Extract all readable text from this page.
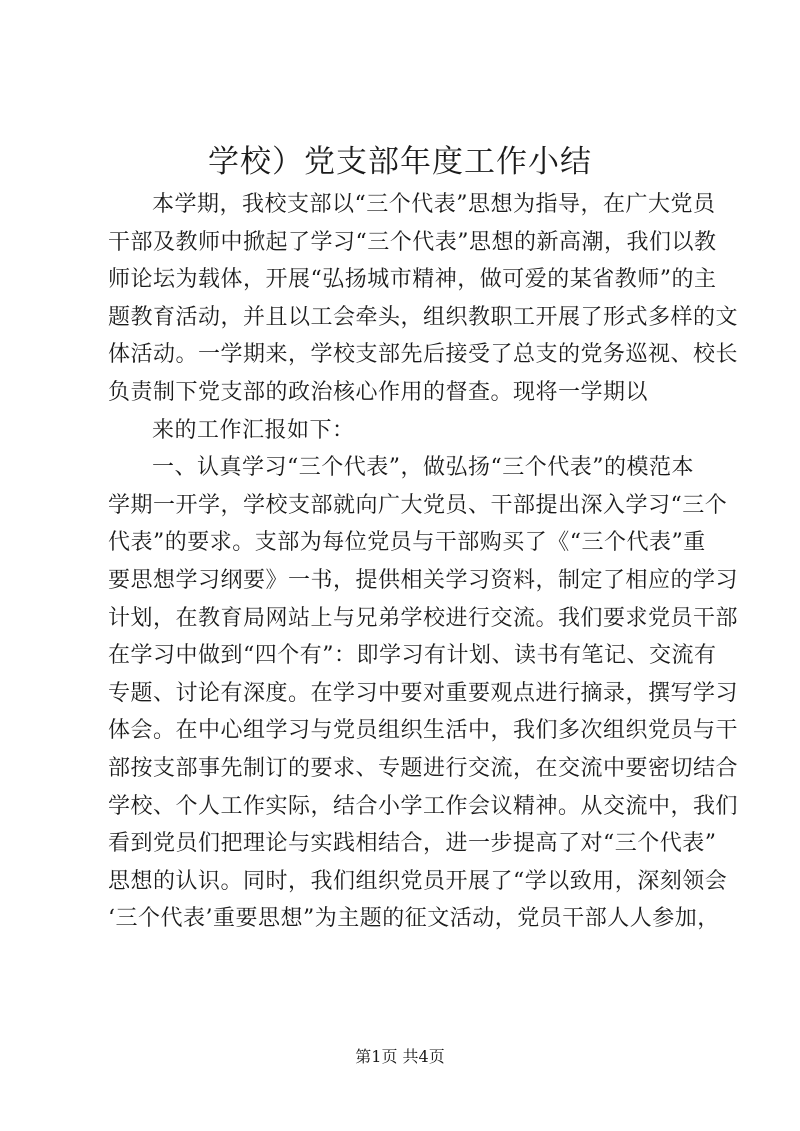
学校）党支部年度工作小结
本学期，我校支部以“三个代表”思想为指导，在广大党员
干部及教师中掀起了学习“三个代表”思想的新高潮，我们以教
师论坛为载体，开展“弘扬城市精神，做可爱的某省教师”的主
题教育活动，并且以工会牵头，组织教职工开展了形式多样的文
体活动。一学期来，学校支部先后接受了总支的党务巡视、校长
负责制下党支部的政治核心作用的督查。现将一学期以
来的工作汇报如下：
一、认真学习“三个代表”，做弘扬“三个代表”的模范本
学期一开学，学校支部就向广大党员、干部提出深入学习“三个
代表”的要求。支部为每位党员与干部购买了《“三个代表”重
要思想学习纲要》一书，提供相关学习资料，制定了相应的学习
计划，在教育局网站上与兄弟学校进行交流。我们要求党员干部
在学习中做到“四个有”：即学习有计划、读书有笔记、交流有
专题、讨论有深度。在学习中要对重要观点进行摘录，撰写学习
体会。在中心组学习与党员组织生活中，我们多次组织党员与干
部按支部事先制订的要求、专题进行交流，在交流中要密切结合
学校、个人工作实际，结合小学工作会议精神。从交流中，我们
看到党员们把理论与实践相结合，进一步提高了对“三个代表”
思想的认识。同时，我们组织党员开展了“学以致用，深刻领会
‘三个代表’重要思想”为主题的征文活动，党员干部人人参加，
第1页 共4页
